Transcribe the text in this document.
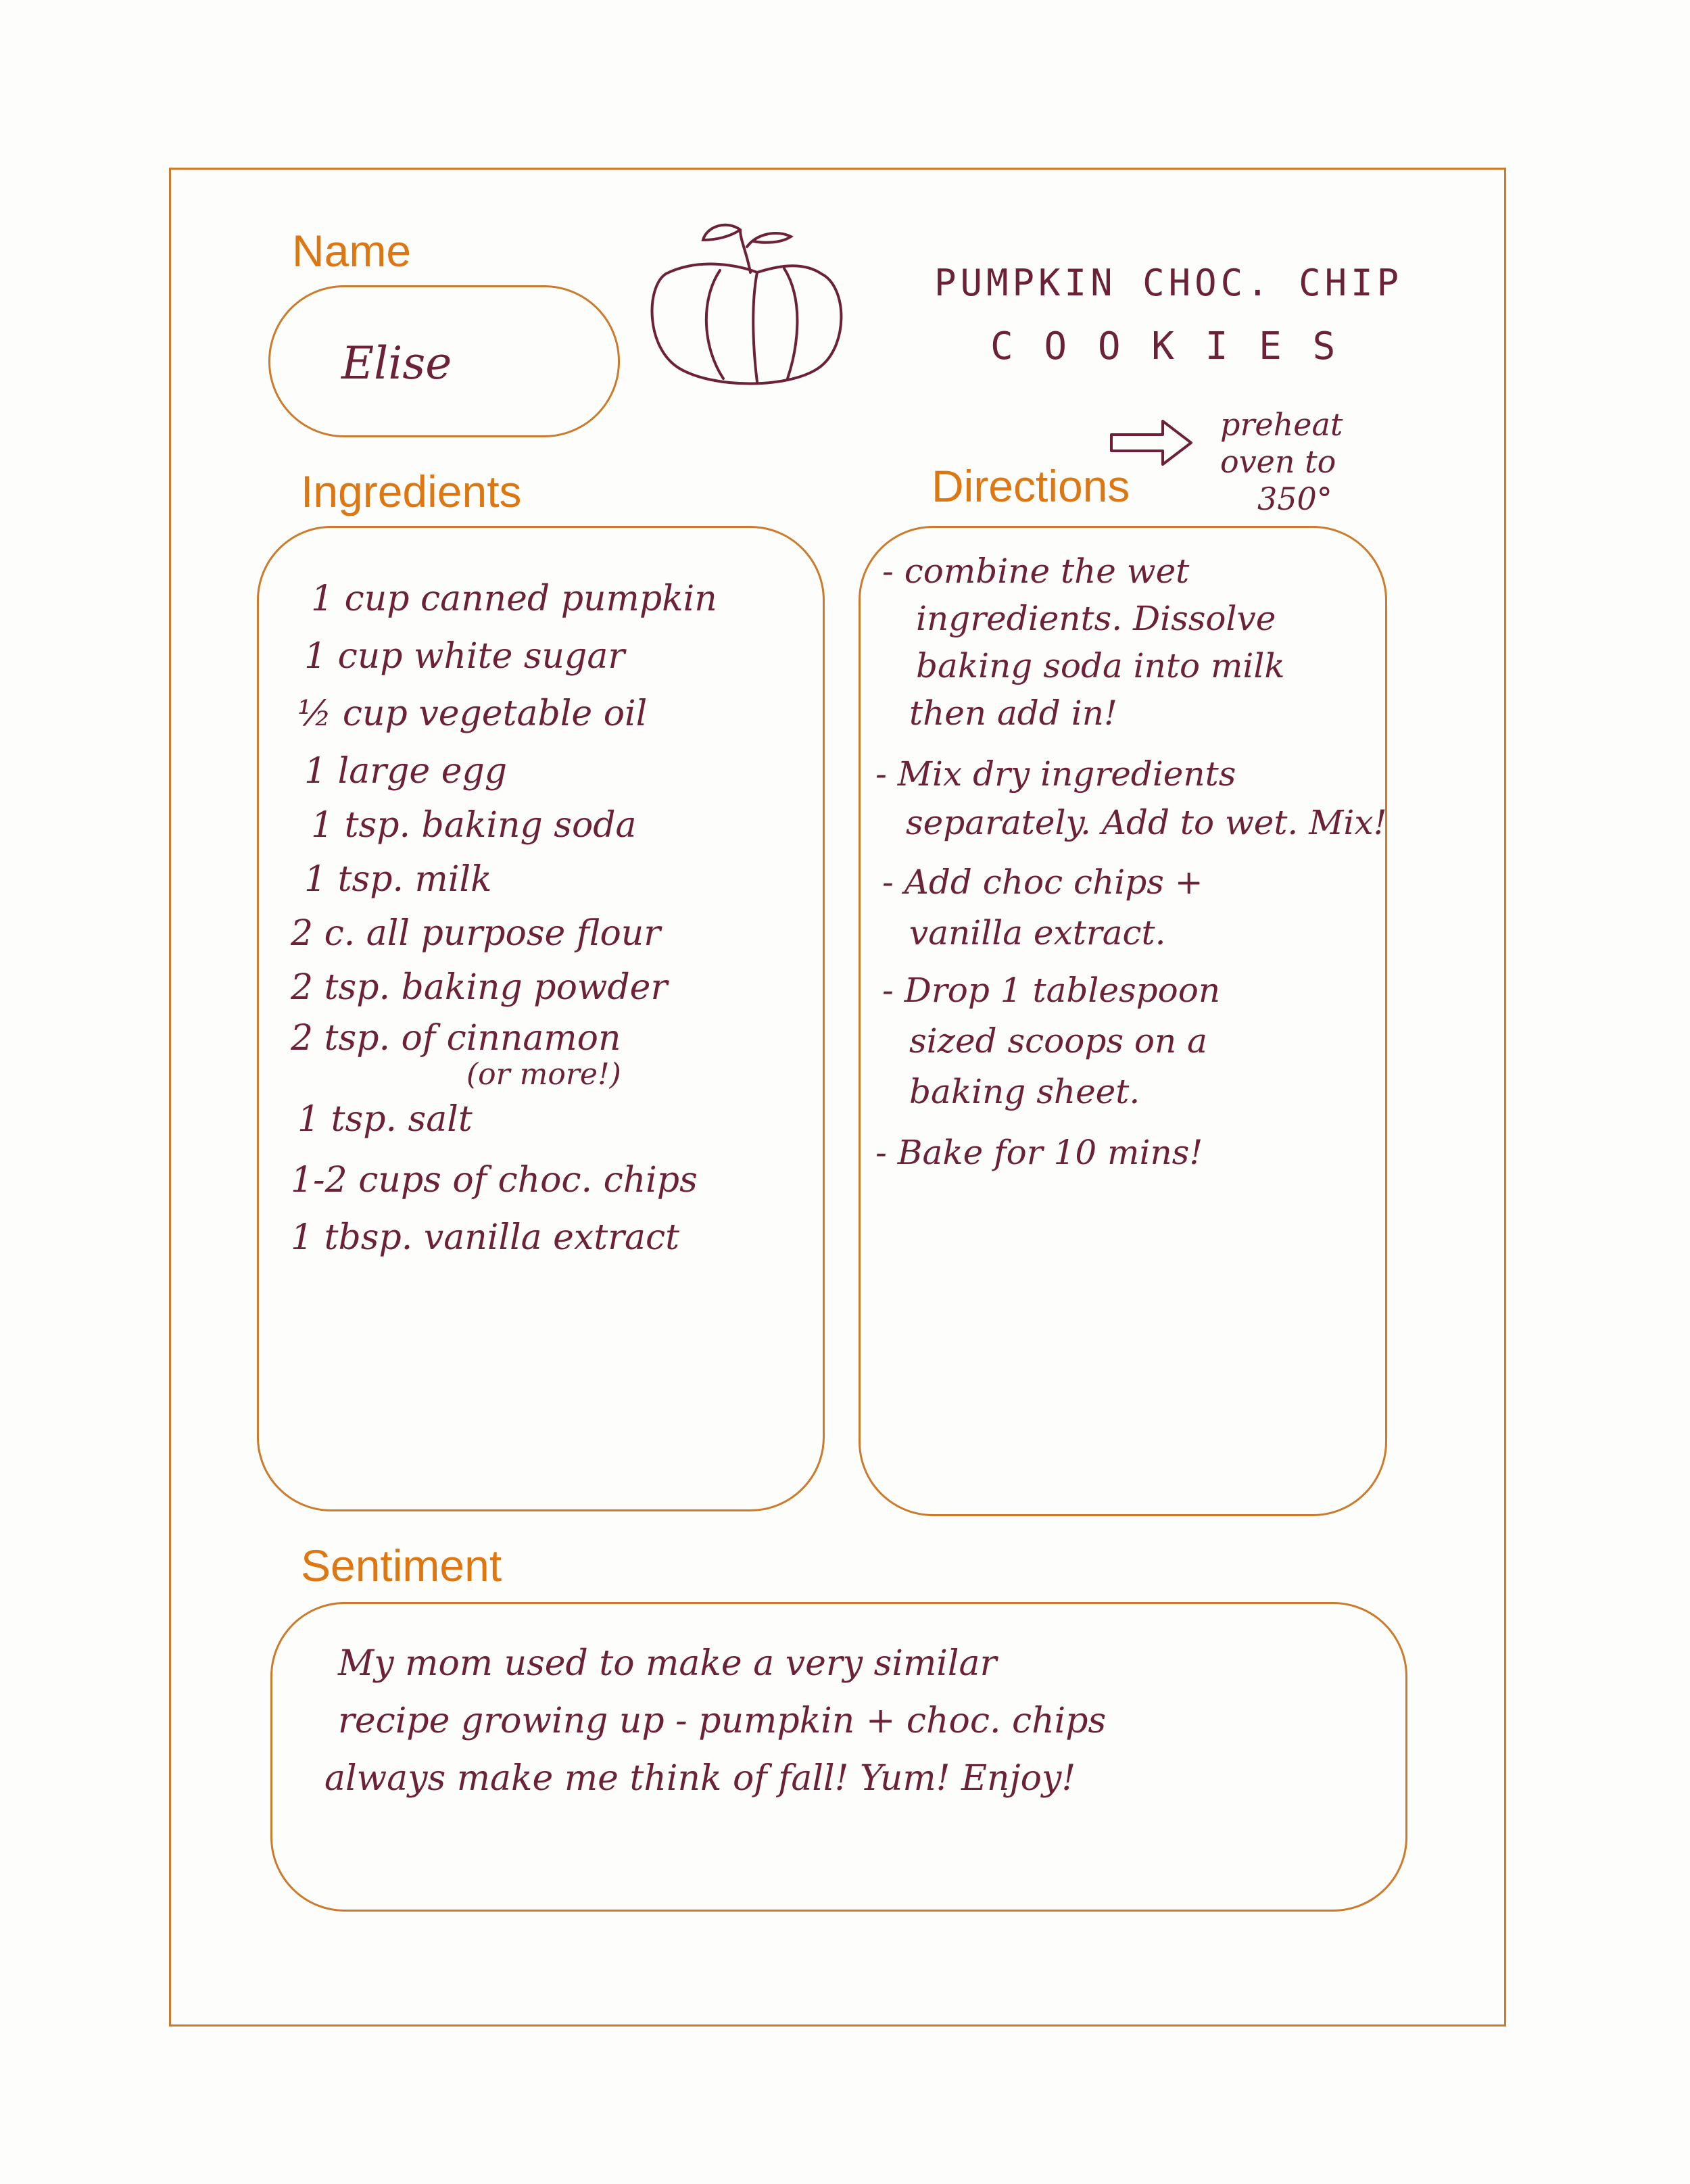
Name
Elise
PUMPKIN CHOC. CHIP
C O O K I E S
preheat
oven to
350°
Ingredients
1 cup canned pumpkin
1 cup white sugar
½ cup vegetable oil
1 large egg
1 tsp. baking soda
1 tsp. milk
2 c. all purpose flour
2 tsp. baking powder
2 tsp. of cinnamon
(or more!)
1 tsp. salt
1-2 cups of choc. chips
1 tbsp. vanilla extract
Directions
- combine the wet
ingredients. Dissolve
baking soda into milk
then add in!
- Mix dry ingredients
separately. Add to wet. Mix!
- Add choc chips +
vanilla extract.
- Drop 1 tablespoon
sized scoops on a
baking sheet.
- Bake for 10 mins!
Sentiment
My mom used to make a very similar
recipe growing up - pumpkin + choc. chips
always make me think of fall! Yum! Enjoy!
